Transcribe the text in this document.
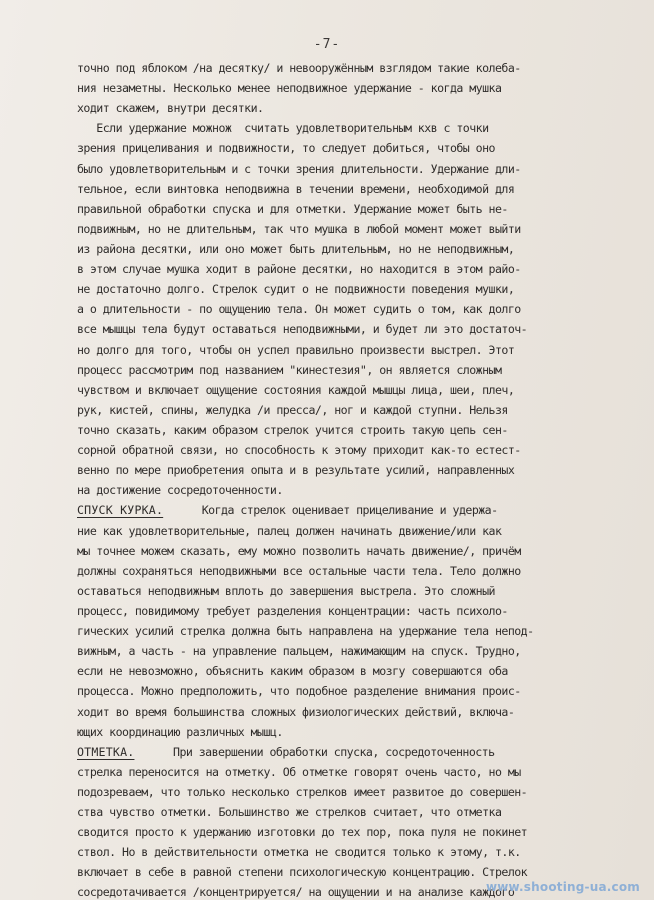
-7-
точно под яблоком /на десятку/ и невооружённым взглядом такие колеба-
ния незаметны. Несколько менее неподвижное удержание - когда мушка
ходит скажем, внутри десятки.
Если удержание можнож  считать удовлетворительным кхв с точки
зрения прицеливания и подвижности, то следует добиться, чтобы оно
было удовлетворительным и с точки зрения длительности. Удержание дли-
тельное, если винтовка неподвижна в течении времени, необходимой для
правильной обработки спуска и для отметки. Удержание может быть не-
подвижным, но не длительным, так что мушка в любой момент может выйти
из района десятки, или оно может быть длительным, но не неподвижным,
в этом случае мушка ходит в районе десятки, но находится в этом райо-
не достаточно долго. Стрелок судит о не подвижности поведения мушки,
а о длительности - по ощущению тела. Он может судить о том, как долго
все мышцы тела будут оставаться неподвижными, и будет ли это достаточ-
но долго для того, чтобы он успел правильно произвести выстрел. Этот
процесс рассмотрим под названием "кинестезия", он является сложным
чувством и включает ощущение состояния каждой мышцы лица, шеи, плеч,
рук, кистей, спины, желудка /и пресса/, ног и каждой ступни. Нельзя
точно сказать, каким образом стрелок учится строить такую цепь сен-
сорной обратной связи, но способность к этому приходит как-то естест-
венно по мере приобретения опыта и в результате усилий, направленных
на достижение сосредоточенности.
СПУСК КУРКА.      Когда стрелок оценивает прицеливание и удержа-
ние как удовлетворительные, палец должен начинать движение/или как
мы точнее можем сказать, ему можно позволить начать движение/, причём
должны сохраняться неподвижными все остальные части тела. Тело должно
оставаться неподвижным вплоть до завершения выстрела. Это сложный
процесс, повидимому требует разделения концентрации: часть психоло-
гических усилий стрелка должна быть направлена на удержание тела непод-
вижным, а часть - на управление пальцем, нажимающим на спуск. Трудно,
если не невозможно, объяснить каким образом в мозгу совершаются оба
процесса. Можно предположить, что подобное разделение внимания проис-
ходит во время большинства сложных физиологических действий, включа-
ющих координацию различных мышц.
ОТМЕТКА.      При завершении обработки спуска, сосредоточенность
стрелка переносится на отметку. Об отметке говорят очень часто, но мы
подозреваем, что только несколько стрелков имеет развитое до совершен-
ства чувство отметки. Большинство же стрелков считает, что отметка
сводится просто к удержанию изготовки до тех пор, пока пуля не покинет
ствол. Но в действительности отметка не сводится только к этому, т.к.
включает в себе в равной степени психологическую концентрацию. Стрелок
сосредотачивается /концентрируется/ на ощущении и на анализе каждого
www.shooting-ua.com
